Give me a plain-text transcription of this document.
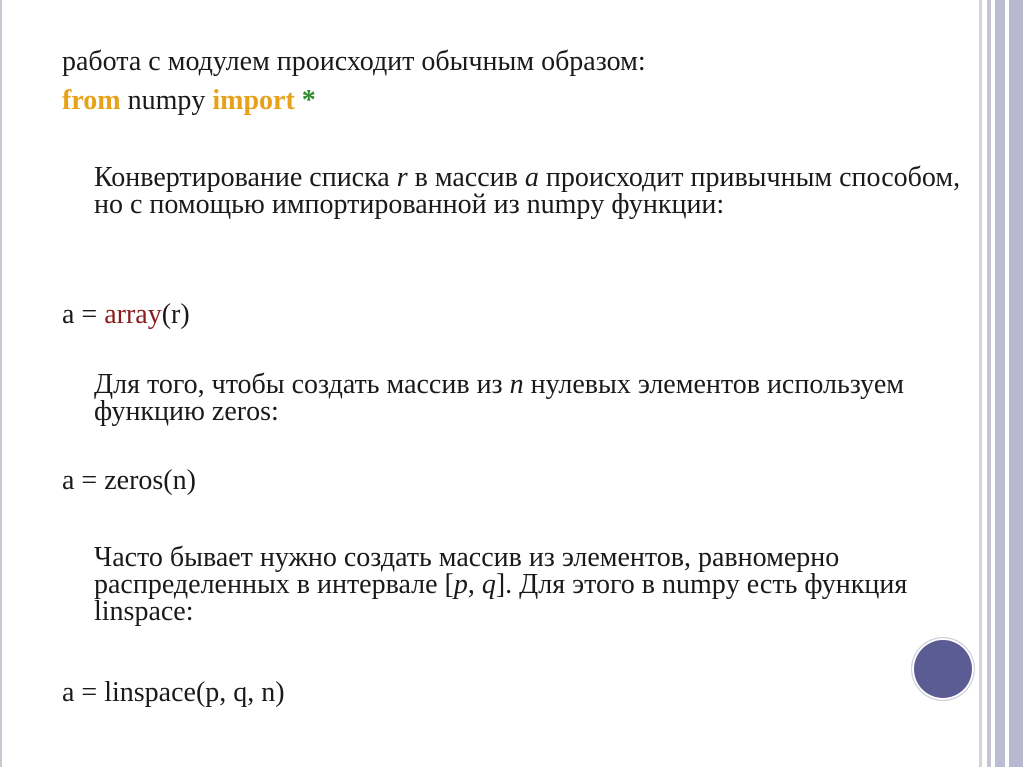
работа с модулем происходит обычным образом:
from numpy import *
Конвертирование списка r в массив a происходит привычным способом, но с помощью импортированной из numpy функции:
a = array(r)
Для того, чтобы создать массив из n нулевых элементов используем функцию zeros:
a = zeros(n)
Часто бывает нужно создать массив из элементов, равномерно распределенных в интервале [p, q]. Для этого в numpy есть функция linspace:
a = linspace(p, q, n)
